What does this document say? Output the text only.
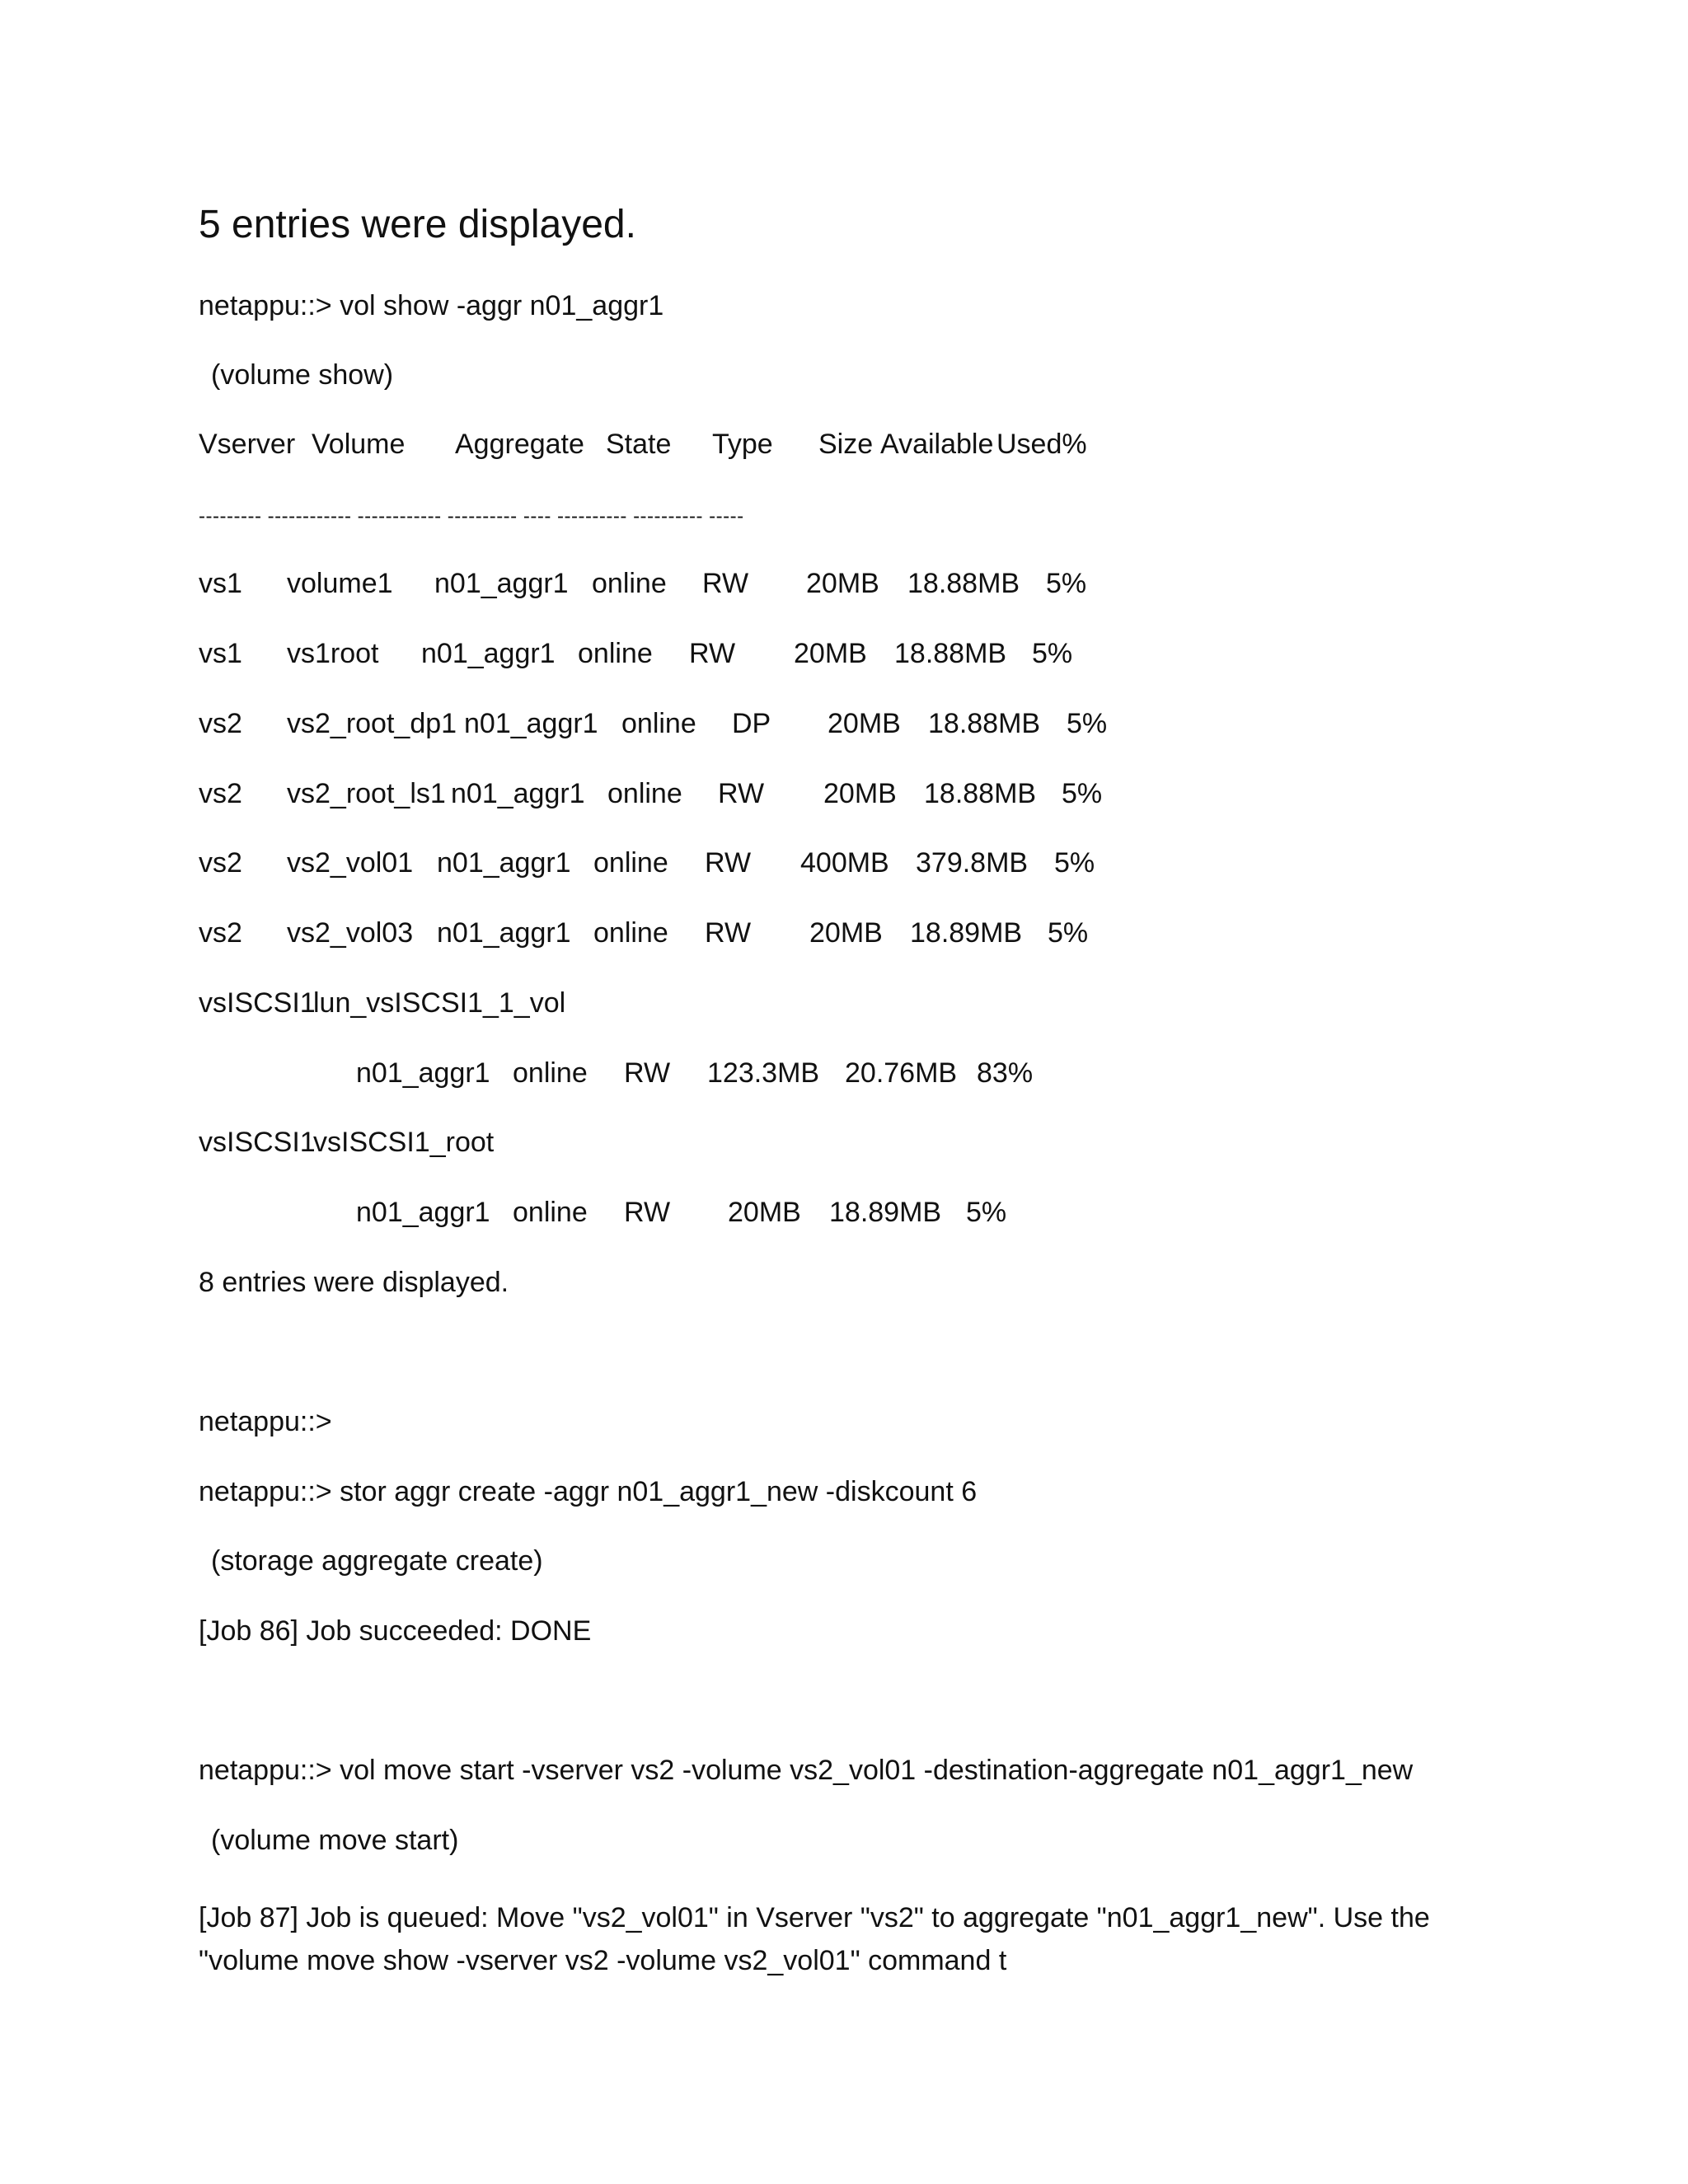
5 entries were displayed.
netappu::> vol show -aggr n01_aggr1
(volume show)
Vserver Volume Aggregate State Type Size Available Used%
--------- ------------ ------------ ---------- ---- ---------- ---------- -----
vs1 volume1 n01_aggr1 online RW 20MB 18.88MB 5%
vs1 vs1root n01_aggr1 online RW 20MB 18.88MB 5%
vs2 vs2_root_dp1 n01_aggr1 online DP 20MB 18.88MB 5%
vs2 vs2_root_ls1 n01_aggr1 online RW 20MB 18.88MB 5%
vs2 vs2_vol01 n01_aggr1 online RW 400MB 379.8MB 5%
vs2 vs2_vol03 n01_aggr1 online RW 20MB 18.89MB 5%
vsISCSI1
lun_vsISCSI1_1_vol
n01_aggr1 online RW 123.3MB 20.76MB 83%
vsISCSI1
vsISCSI1_root
n01_aggr1 online RW 20MB 18.89MB 5%
8 entries were displayed.
netappu::>
netappu::> stor aggr create -aggr n01_aggr1_new -diskcount 6
(storage aggregate create)
[Job 86] Job succeeded: DONE
netappu::> vol move start -vserver vs2 -volume vs2_vol01 -destination-aggregate n01_aggr1_new
(volume move start)
[Job 87] Job is queued: Move "vs2_vol01" in Vserver "vs2" to aggregate "n01_aggr1_new". Use the "volume move show -vserver vs2 -volume vs2_vol01" command t
